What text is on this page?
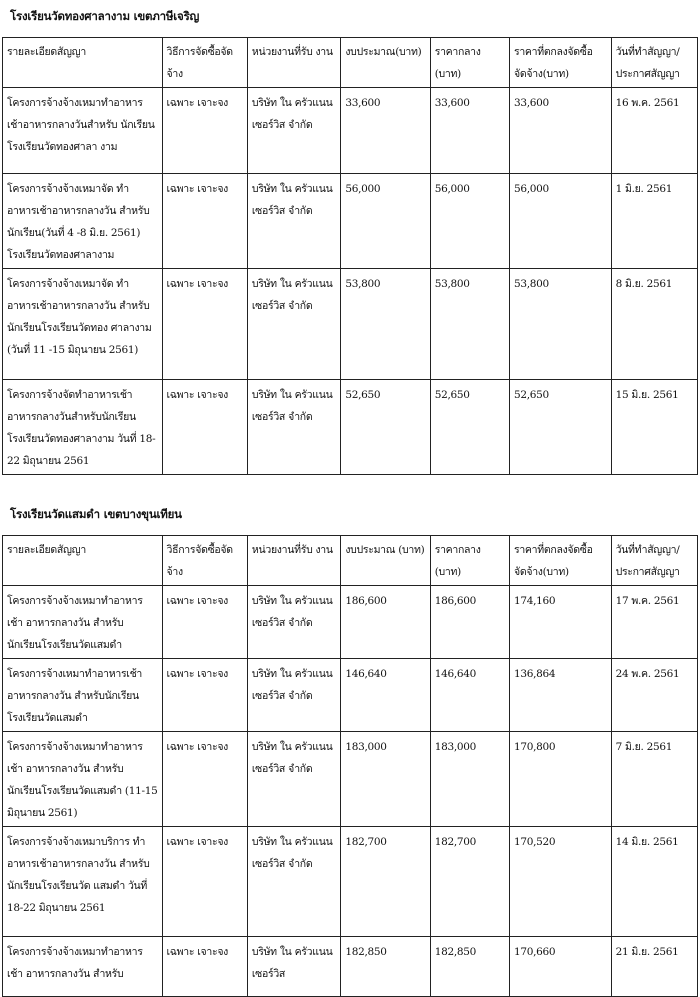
โรงเรียนวัดทองศาลางาม เขตภาษีเจริญ
รายละเอียดสัญญา	วิธีการจัดซื้อจัด จ้าง	หน่วยงานที่รับ งาน	งบประมาณ(บาท)	ราคากลาง (บาท)	ราคาที่ตกลงจัดซื้อ จัดจ้าง(บาท)	วันที่ทำสัญญา/ ประกาศสัญญา
โครงการจ้างจ้างเหมาทำอาหาร เช้าอาหารกลางวันสำหรับ นักเรียนโรงเรียนวัดทองศาลา งาม	เฉพาะ เจาะจง	บริษัท ใน ครัวแนนเซอร์วิส จำกัด	33,600	33,600	33,600	16 พ.ค. 2561
โครงการจ้างจ้างเหมาจัด ทำอาหารเช้าอาหารกลางวัน สำหรับนักเรียน(วันที่ 4 -8 มิ.ย. 2561) โรงเรียนวัดทองศาลางาม	เฉพาะ เจาะจง	บริษัท ใน ครัวแนนเซอร์วิส จำกัด	56,000	56,000	56,000	1 มิ.ย. 2561
โครงการจ้างจ้างเหมาจัด ทำอาหารเช้าอาหารกลางวัน สำหรับนักเรียนโรงเรียนวัดทอง ศาลางาม (วันที่ 11 -15 มิถุนายน 2561)	เฉพาะ เจาะจง	บริษัท ใน ครัวแนนเซอร์วิส จำกัด	53,800	53,800	53,800	8 มิ.ย. 2561
โครงการจ้างจัดทำอาหารเช้า อาหารกลางวันสำหรับนักเรียน โรงเรียนวัดทองศาลางาม วันที่ 18-22 มิถุนายน 2561	เฉพาะ เจาะจง	บริษัท ใน ครัวแนนเซอร์วิส จำกัด	52,650	52,650	52,650	15 มิ.ย. 2561
โรงเรียนวัดแสมดำ เขตบางขุนเทียน
รายละเอียดสัญญา	วิธีการจัดซื้อจัด จ้าง	หน่วยงานที่รับ งาน	งบประมาณ (บาท)	ราคากลาง (บาท)	ราคาที่ตกลงจัดซื้อ จัดจ้าง(บาท)	วันที่ทำสัญญา/ ประกาศสัญญา
โครงการจ้างจ้างเหมาทำอาหาร เช้า อาหารกลางวัน สำหรับ นักเรียนโรงเรียนวัดแสมดำ	เฉพาะ เจาะจง	บริษัท ใน ครัวแนนเซอร์วิส จำกัด	186,600	186,600	174,160	17 พ.ค. 2561
โครงการจ้างเหมาทำอาหารเช้า อาหารกลางวัน สำหรับนักเรียน โรงเรียนวัดแสมดำ	เฉพาะ เจาะจง	บริษัท ใน ครัวแนนเซอร์วิส จำกัด	146,640	146,640	136,864	24 พ.ค. 2561
โครงการจ้างจ้างเหมาทำอาหาร เช้า อาหารกลางวัน สำหรับ นักเรียนโรงเรียนวัดแสมดำ (11-15 มิถุนายน 2561)	เฉพาะ เจาะจง	บริษัท ใน ครัวแนนเซอร์วิส จำกัด	183,000	183,000	170,800	7 มิ.ย. 2561
โครงการจ้างจ้างเหมาบริการ ทำอาหารเช้าอาหารกลางวัน สำหรับนักเรียนโรงเรียนวัด แสมดำ วันที่ 18-22 มิถุนายน 2561	เฉพาะ เจาะจง	บริษัท ใน ครัวแนนเซอร์วิส จำกัด	182,700	182,700	170,520	14 มิ.ย. 2561
โครงการจ้างจ้างเหมาทำอาหาร เช้า อาหารกลางวัน สำหรับ	เฉพาะ เจาะจง	บริษัท ใน ครัวแนนเซอร์วิส	182,850	182,850	170,660	21 มิ.ย. 2561
